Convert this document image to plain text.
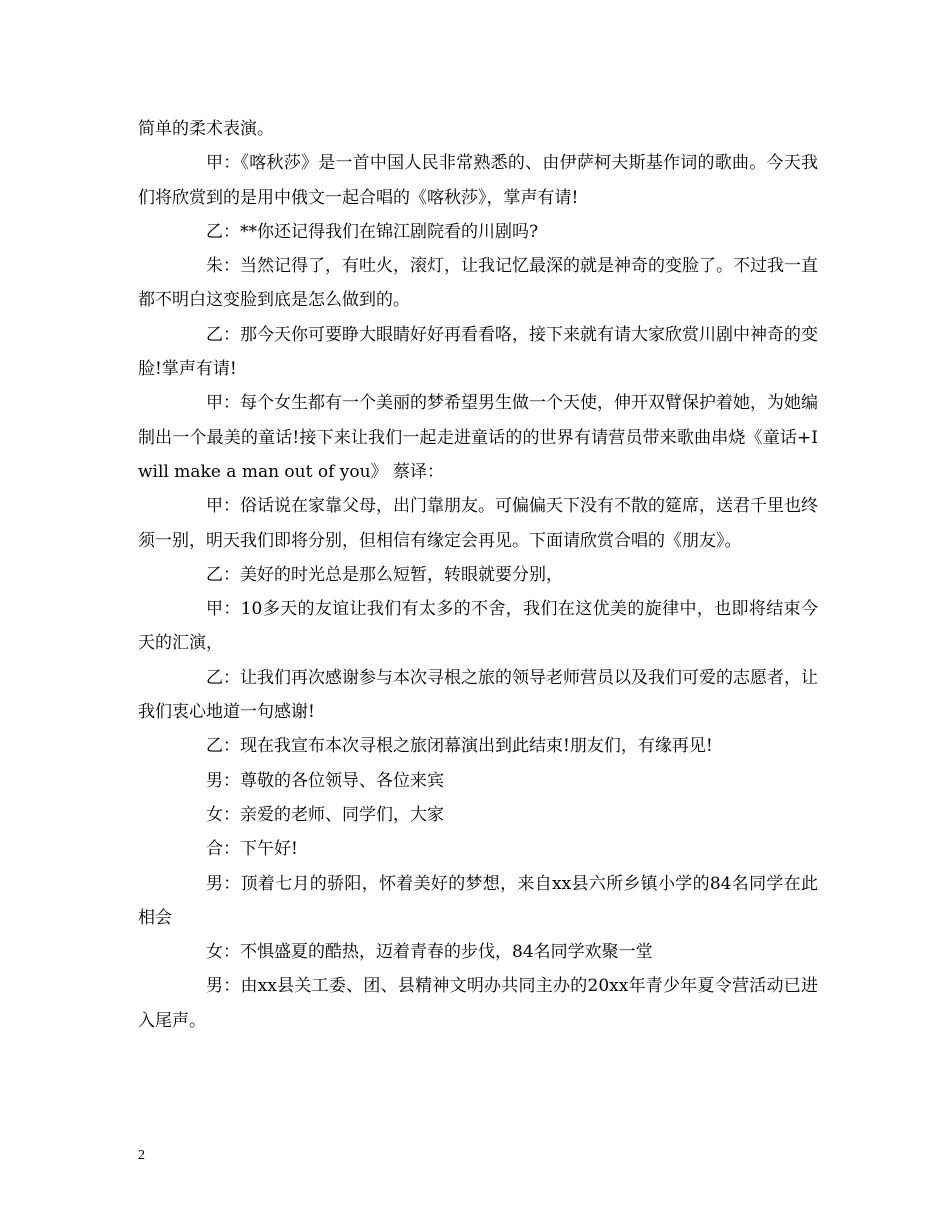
简单的柔术表演。

甲：《喀秋莎》是一首中国人民非常熟悉的、由伊萨柯夫斯基作词的歌曲。今天我们将欣赏到的是用中俄文一起合唱的《喀秋莎》，掌声有请!

乙：**你还记得我们在锦江剧院看的川剧吗?

朱：当然记得了，有吐火，滚灯，让我记忆最深的就是神奇的变脸了。不过我一直都不明白这变脸到底是怎么做到的。

乙：那今天你可要睁大眼睛好好再看看咯，接下来就有请大家欣赏川剧中神奇的变脸!掌声有请!

甲：每个女生都有一个美丽的梦希望男生做一个天使，伸开双臂保护着她，为她编制出一个最美的童话!接下来让我们一起走进童话的的世界有请营员带来歌曲串烧《童话+I will make a man out of you》 蔡译：

甲：俗话说在家靠父母，出门靠朋友。可偏偏天下没有不散的筵席，送君千里也终须一别，明天我们即将分别，但相信有缘定会再见。下面请欣赏合唱的《朋友》。

乙：美好的时光总是那么短暂，转眼就要分别，

甲：10多天的友谊让我们有太多的不舍，我们在这优美的旋律中，也即将结束今天的汇演，

乙：让我们再次感谢参与本次寻根之旅的领导老师营员以及我们可爱的志愿者，让我们衷心地道一句感谢!

乙：现在我宣布本次寻根之旅闭幕演出到此结束!朋友们，有缘再见!

男：尊敬的各位领导、各位来宾

女：亲爱的老师、同学们，大家

合：下午好!

男：顶着七月的骄阳，怀着美好的梦想，来自xx县六所乡镇小学的84名同学在此相会

女：不惧盛夏的酷热，迈着青春的步伐，84名同学欢聚一堂

男：由xx县关工委、团、县精神文明办共同主办的20xx年青少年夏令营活动已进入尾声。

2
